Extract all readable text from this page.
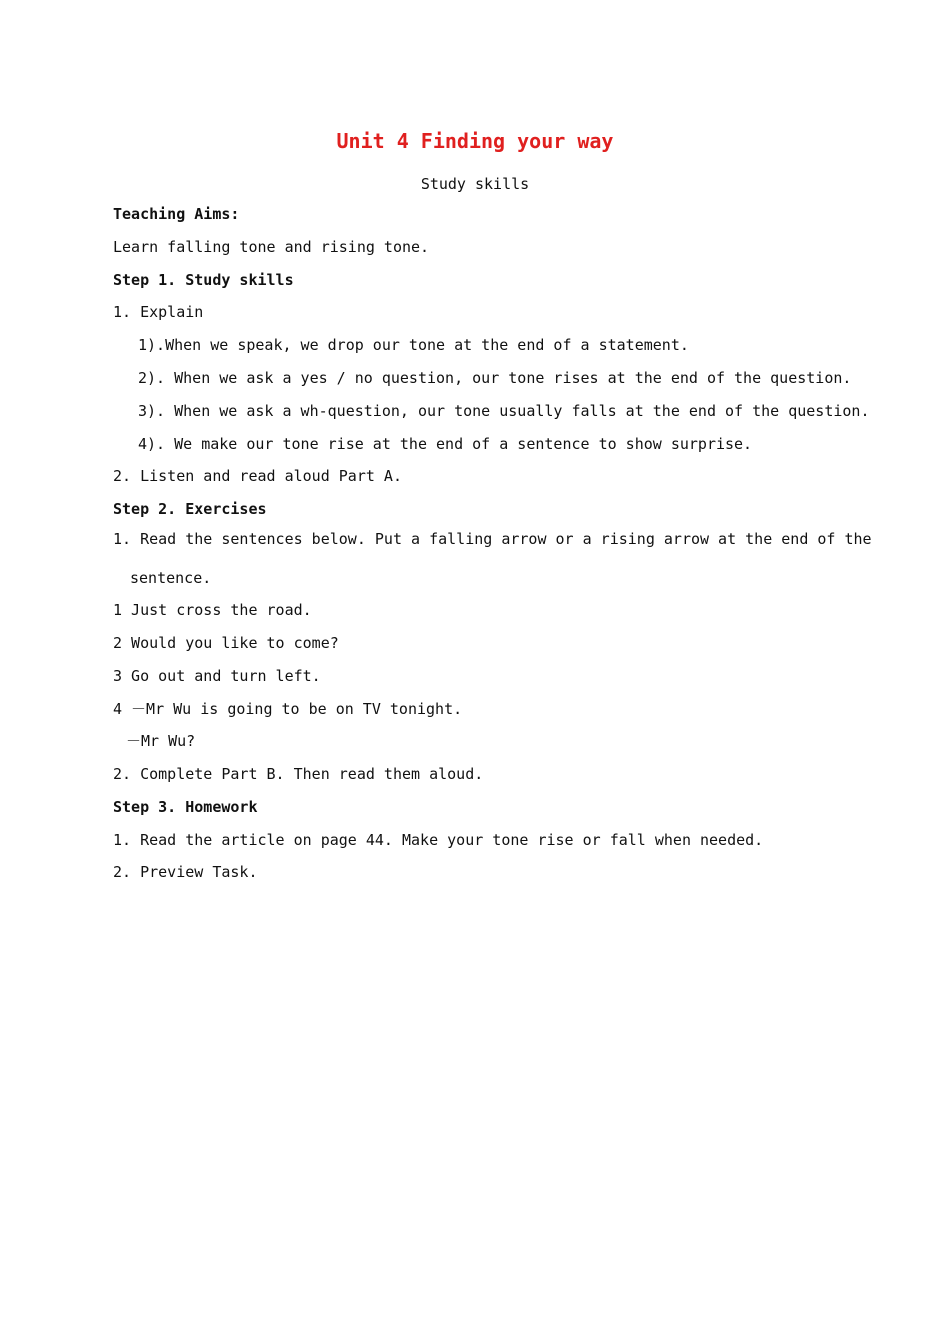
Unit 4 Finding your way
Study skills
Teaching Aims:
Learn falling tone and rising tone.
Step 1. Study skills
1. Explain
1).When we speak, we drop our tone at the end of a statement.
2). When we ask a yes / no question, our tone rises at the end of the question.
3). When we ask a wh-question, our tone usually falls at the end of the question.
4). We make our tone rise at the end of a sentence to show surprise.
2. Listen and read aloud Part A.
Step 2. Exercises
1. Read the sentences below. Put a falling arrow or a rising arrow at the end of the
sentence.
1 Just cross the road.
2 Would you like to come?
3 Go out and turn left.
4 －Mr Wu is going to be on TV tonight.
－Mr Wu?
2. Complete Part B. Then read them aloud.
Step 3. Homework
1. Read the article on page 44. Make your tone rise or fall when needed.
2. Preview Task.
